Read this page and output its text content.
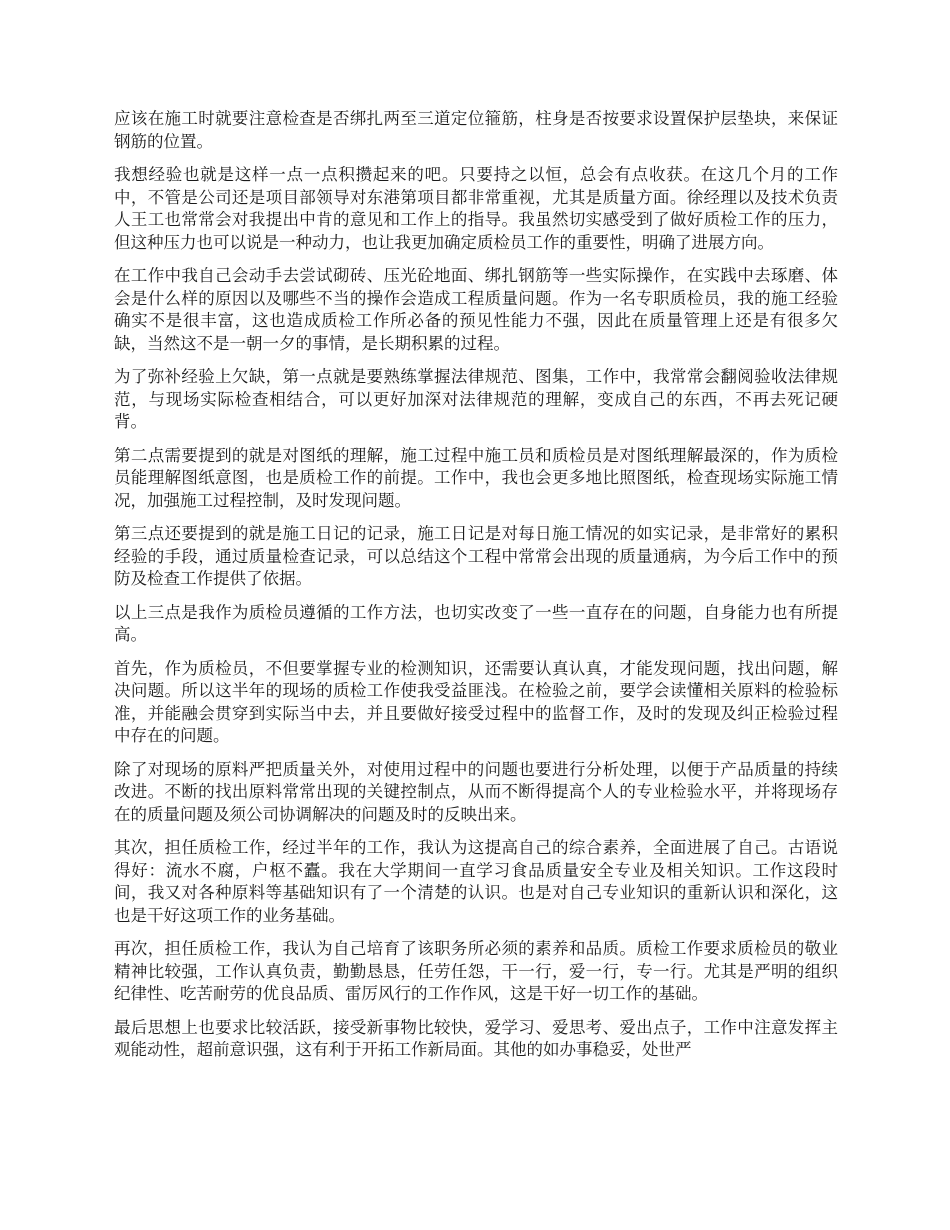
应该在施工时就要注意检查是否绑扎两至三道定位箍筋，柱身是否按要求设置保护层垫块，来保证钢筋的位置。

我想经验也就是这样一点一点积攒起来的吧。只要持之以恒，总会有点收获。在这几个月的工作中，不管是公司还是项目部领导对东港第项目都非常重视，尤其是质量方面。徐经理以及技术负责人王工也常常会对我提出中肯的意见和工作上的指导。我虽然切实感受到了做好质检工作的压力，但这种压力也可以说是一种动力，也让我更加确定质检员工作的重要性，明确了进展方向。

在工作中我自己会动手去尝试砌砖、压光砼地面、绑扎钢筋等一些实际操作，在实践中去琢磨、体会是什么样的原因以及哪些不当的操作会造成工程质量问题。作为一名专职质检员，我的施工经验确实不是很丰富，这也造成质检工作所必备的预见性能力不强，因此在质量管理上还是有很多欠缺，当然这不是一朝一夕的事情，是长期积累的过程。

为了弥补经验上欠缺，第一点就是要熟练掌握法律规范、图集，工作中，我常常会翻阅验收法律规范，与现场实际检查相结合，可以更好加深对法律规范的理解，变成自己的东西，不再去死记硬背。

第二点需要提到的就是对图纸的理解，施工过程中施工员和质检员是对图纸理解最深的，作为质检员能理解图纸意图，也是质检工作的前提。工作中，我也会更多地比照图纸，检查现场实际施工情况，加强施工过程控制，及时发现问题。

第三点还要提到的就是施工日记的记录，施工日记是对每日施工情况的如实记录，是非常好的累积经验的手段，通过质量检查记录，可以总结这个工程中常常会出现的质量通病，为今后工作中的预防及检查工作提供了依据。

以上三点是我作为质检员遵循的工作方法，也切实改变了一些一直存在的问题，自身能力也有所提高。

首先，作为质检员，不但要掌握专业的检测知识，还需要认真认真，才能发现问题，找出问题，解决问题。所以这半年的现场的质检工作使我受益匪浅。在检验之前，要学会读懂相关原料的检验标准，并能融会贯穿到实际当中去，并且要做好接受过程中的监督工作，及时的发现及纠正检验过程中存在的问题。

除了对现场的原料严把质量关外，对使用过程中的问题也要进行分析处理，以便于产品质量的持续改进。不断的找出原料常常出现的关键控制点，从而不断得提高个人的专业检验水平，并将现场存在的质量问题及须公司协调解决的问题及时的反映出来。

其次，担任质检工作，经过半年的工作，我认为这提高自己的综合素养，全面进展了自己。古语说得好：流水不腐，户枢不蠹。我在大学期间一直学习食品质量安全专业及相关知识。工作这段时间，我又对各种原料等基础知识有了一个清楚的认识。也是对自己专业知识的重新认识和深化，这也是干好这项工作的业务基础。

再次，担任质检工作，我认为自己培育了该职务所必须的素养和品质。质检工作要求质检员的敬业精神比较强，工作认真负责，勤勤恳恳，任劳任怨，干一行，爱一行，专一行。尤其是严明的组织纪律性、吃苦耐劳的优良品质、雷厉风行的工作作风，这是干好一切工作的基础。

最后思想上也要求比较活跃，接受新事物比较快，爱学习、爱思考、爱出点子，工作中注意发挥主观能动性，超前意识强，这有利于开拓工作新局面。其他的如办事稳妥，处世严
